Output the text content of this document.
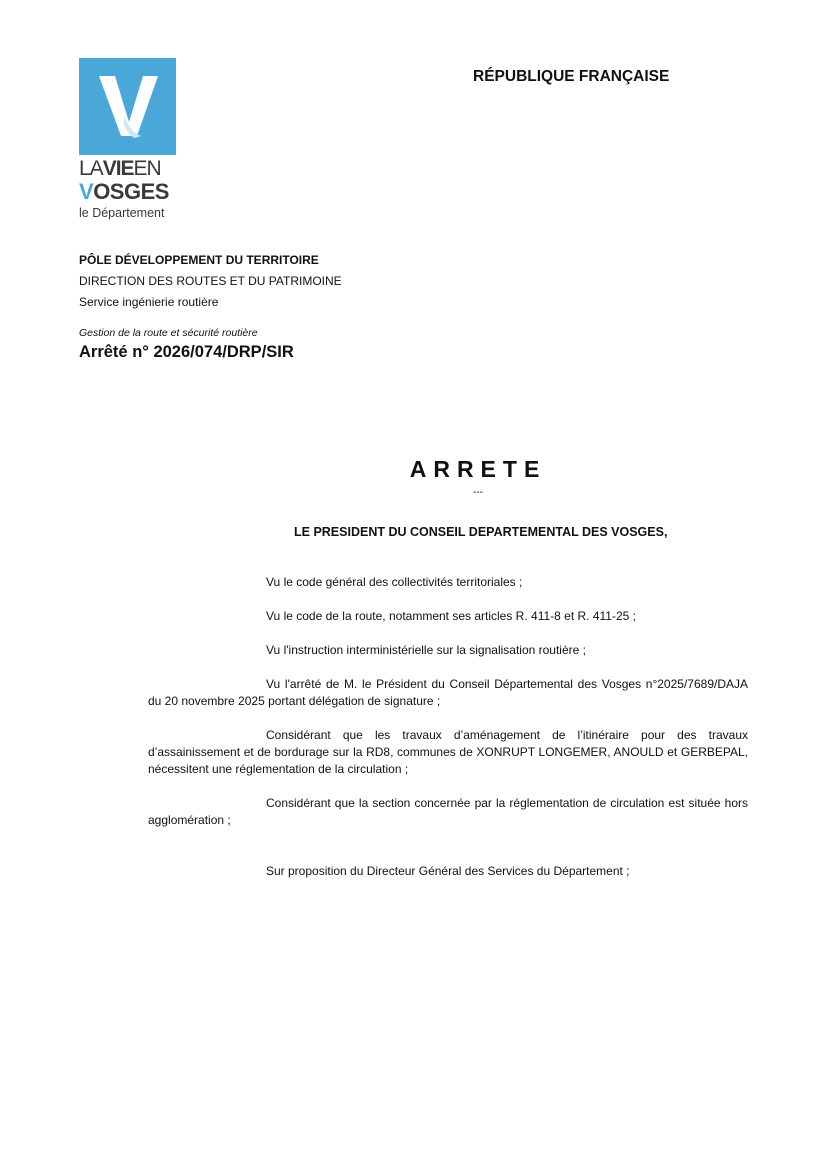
LAVIEEN
VOSGES
le Département
RÉPUBLIQUE FRANÇAISE
PÔLE DÉVELOPPEMENT DU TERRITOIRE
DIRECTION DES ROUTES ET DU PATRIMOINE
Service ingénierie routière
Gestion de la route et sécurité routière
Arrêté n° 2026/074/DRP/SIR
ARRETE
---
LE PRESIDENT DU CONSEIL DEPARTEMENTAL DES VOSGES,
Vu le code général des collectivités territoriales ;
Vu le code de la route, notamment ses articles R. 411-8 et R. 411-25 ;
Vu l'instruction interministérielle sur la signalisation routière ;
Vu l'arrêté de M. le Président du Conseil Départemental des Vosges n°2025/7689/DAJA du 20 novembre 2025 portant délégation de signature ;
Considérant que les travaux d’aménagement de l’itinéraire pour des travaux d’assainissement et de bordurage sur la RD8, communes de XONRUPT LONGEMER, ANOULD et GERBEPAL, nécessitent une réglementation de la circulation ;
Considérant que la section concernée par la réglementation de circulation est située hors agglomération ;
Sur proposition du Directeur Général des Services du Département ;
